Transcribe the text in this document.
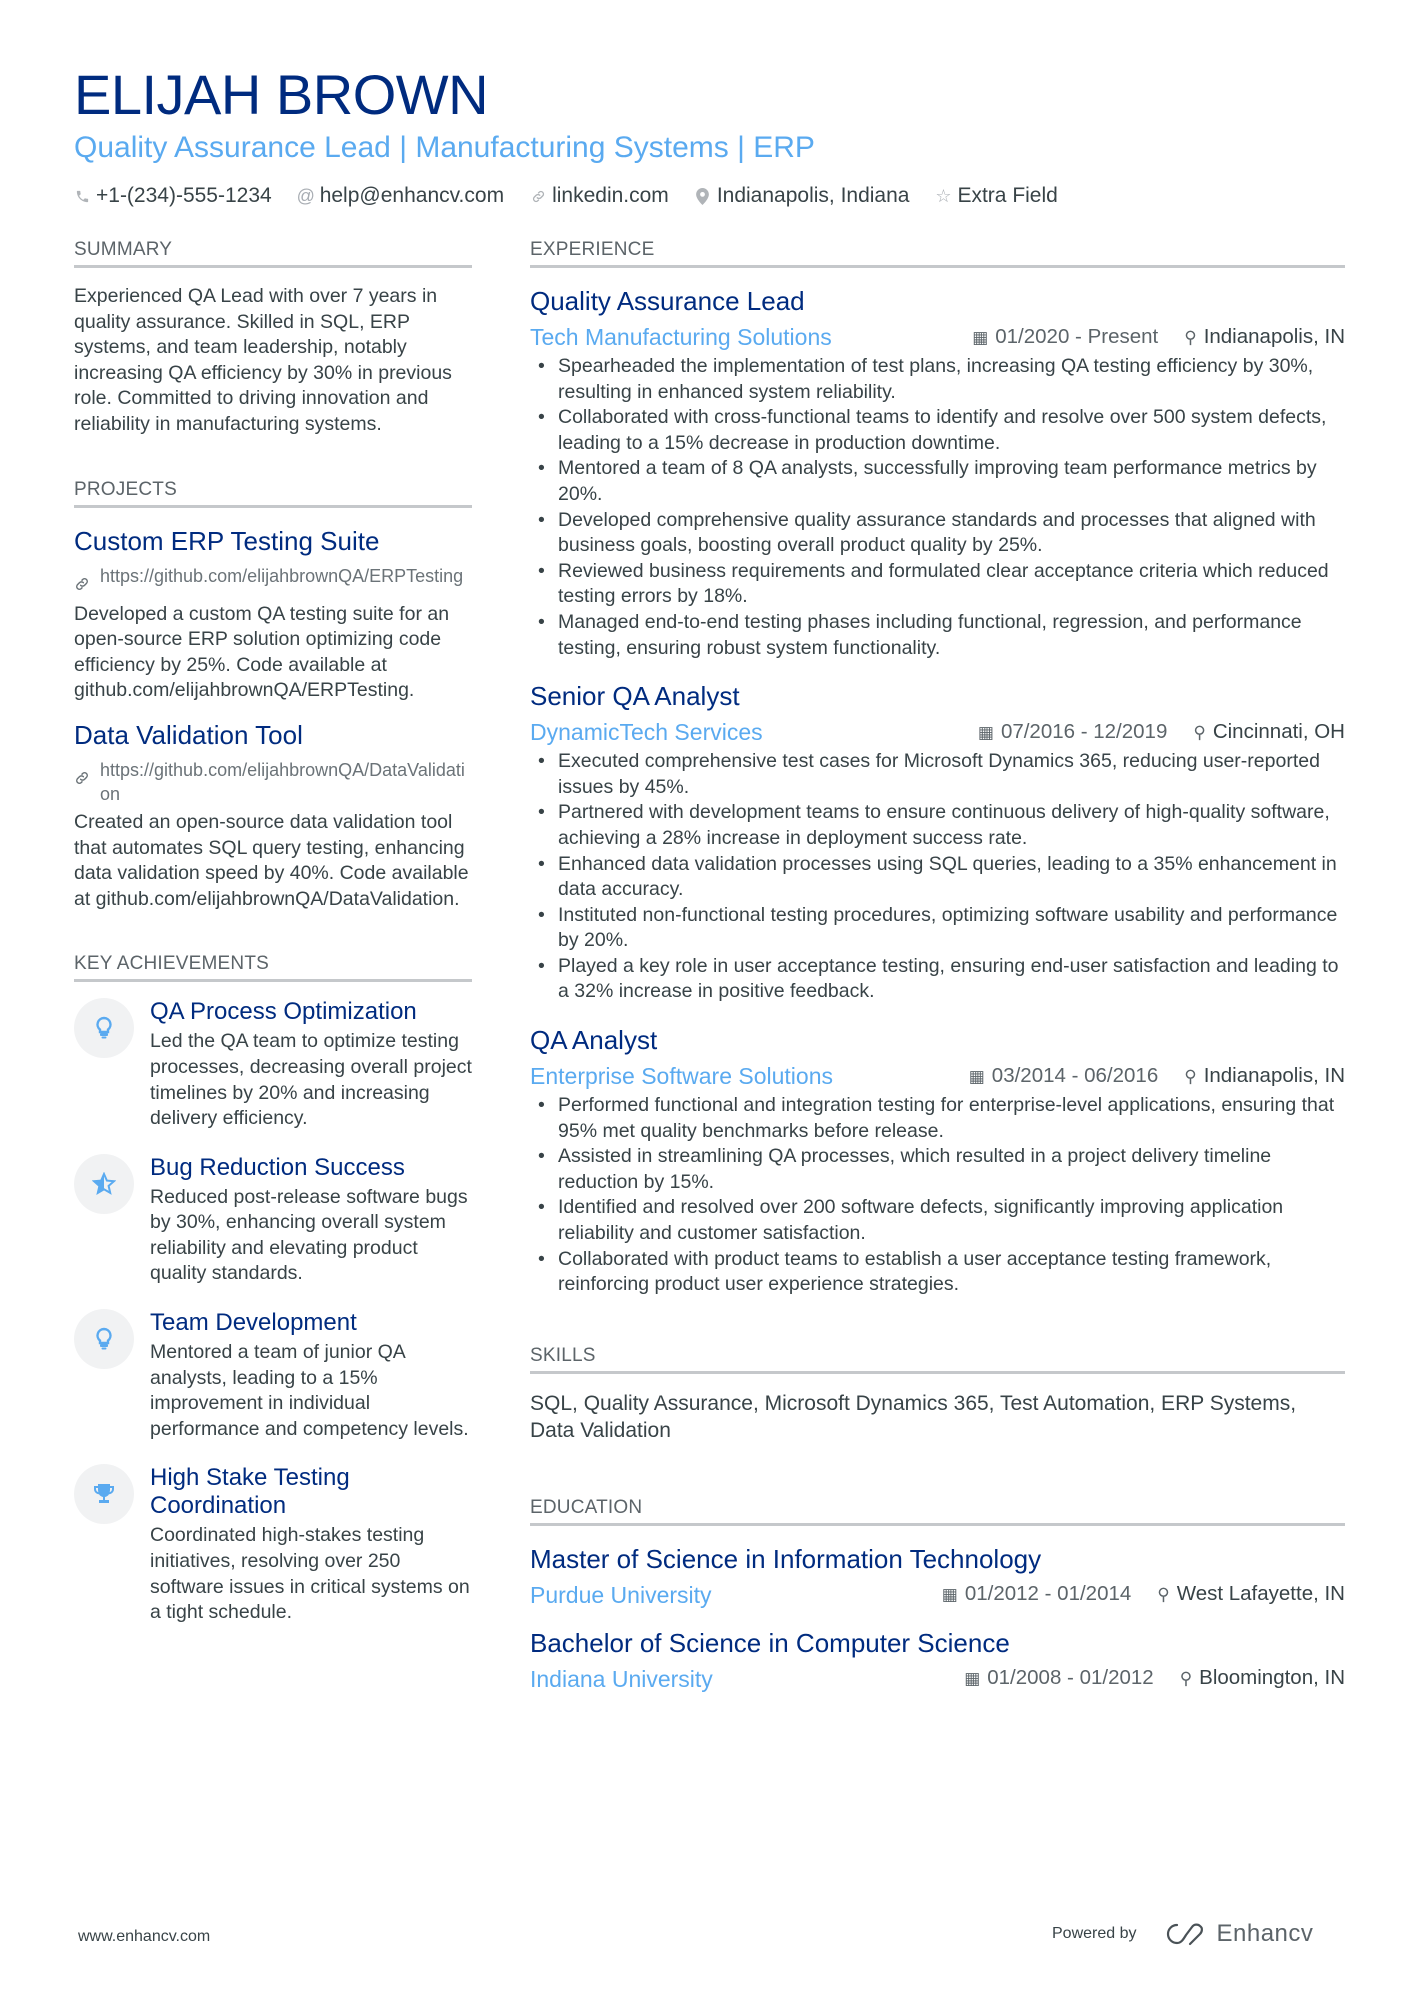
ELIJAH BROWN
Quality Assurance Lead | Manufacturing Systems | ERP
+1-(234)-555-1234 @ help@enhancv.com linkedin.com Indianapolis, Indiana ☆ Extra Field
SUMMARY
Experienced QA Lead with over 7 years in quality assurance. Skilled in SQL, ERP systems, and team leadership, notably increasing QA efficiency by 30% in previous role. Committed to driving innovation and reliability in manufacturing systems.
PROJECTS
Custom ERP Testing Suite
https://github.com/elijahbrownQA/ERPTesting
Developed a custom QA testing suite for an open-source ERP solution optimizing code efficiency by 25%. Code available at github.com/elijahbrownQA/ERPTesting.
Data Validation Tool
https://github.com/elijahbrownQA/DataValidation
Created an open-source data validation tool that automates SQL query testing, enhancing data validation speed by 40%. Code available at github.com/elijahbrownQA/DataValidation.
KEY ACHIEVEMENTS
QA Process Optimization
Led the QA team to optimize testing processes, decreasing overall project timelines by 20% and increasing delivery efficiency.
Bug Reduction Success
Reduced post-release software bugs by 30%, enhancing overall system reliability and elevating product quality standards.
Team Development
Mentored a team of junior QA analysts, leading to a 15% improvement in individual performance and competency levels.
High Stake Testing Coordination
Coordinated high-stakes testing initiatives, resolving over 250 software issues in critical systems on a tight schedule.
EXPERIENCE
Quality Assurance Lead
Tech Manufacturing Solutions	▦ 01/2020 - Present ⚲ Indianapolis, IN
• Spearheaded the implementation of test plans, increasing QA testing efficiency by 30%, resulting in enhanced system reliability.
• Collaborated with cross-functional teams to identify and resolve over 500 system defects, leading to a 15% decrease in production downtime.
• Mentored a team of 8 QA analysts, successfully improving team performance metrics by 20%.
• Developed comprehensive quality assurance standards and processes that aligned with business goals, boosting overall product quality by 25%.
• Reviewed business requirements and formulated clear acceptance criteria which reduced testing errors by 18%.
• Managed end-to-end testing phases including functional, regression, and performance testing, ensuring robust system functionality.
Senior QA Analyst
DynamicTech Services	▦ 07/2016 - 12/2019 ⚲ Cincinnati, OH
• Executed comprehensive test cases for Microsoft Dynamics 365, reducing user-reported issues by 45%.
• Partnered with development teams to ensure continuous delivery of high-quality software, achieving a 28% increase in deployment success rate.
• Enhanced data validation processes using SQL queries, leading to a 35% enhancement in data accuracy.
• Instituted non-functional testing procedures, optimizing software usability and performance by 20%.
• Played a key role in user acceptance testing, ensuring end-user satisfaction and leading to a 32% increase in positive feedback.
QA Analyst
Enterprise Software Solutions	▦ 03/2014 - 06/2016 ⚲ Indianapolis, IN
• Performed functional and integration testing for enterprise-level applications, ensuring that 95% met quality benchmarks before release.
• Assisted in streamlining QA processes, which resulted in a project delivery timeline reduction by 15%.
• Identified and resolved over 200 software defects, significantly improving application reliability and customer satisfaction.
• Collaborated with product teams to establish a user acceptance testing framework, reinforcing product user experience strategies.
SKILLS
SQL, Quality Assurance, Microsoft Dynamics 365, Test Automation, ERP Systems, Data Validation
EDUCATION
Master of Science in Information Technology
Purdue University	▦ 01/2012 - 01/2014 ⚲ West Lafayette, IN
Bachelor of Science in Computer Science
Indiana University	▦ 01/2008 - 01/2012 ⚲ Bloomington, IN
www.enhancv.com	Powered by	Enhancv
